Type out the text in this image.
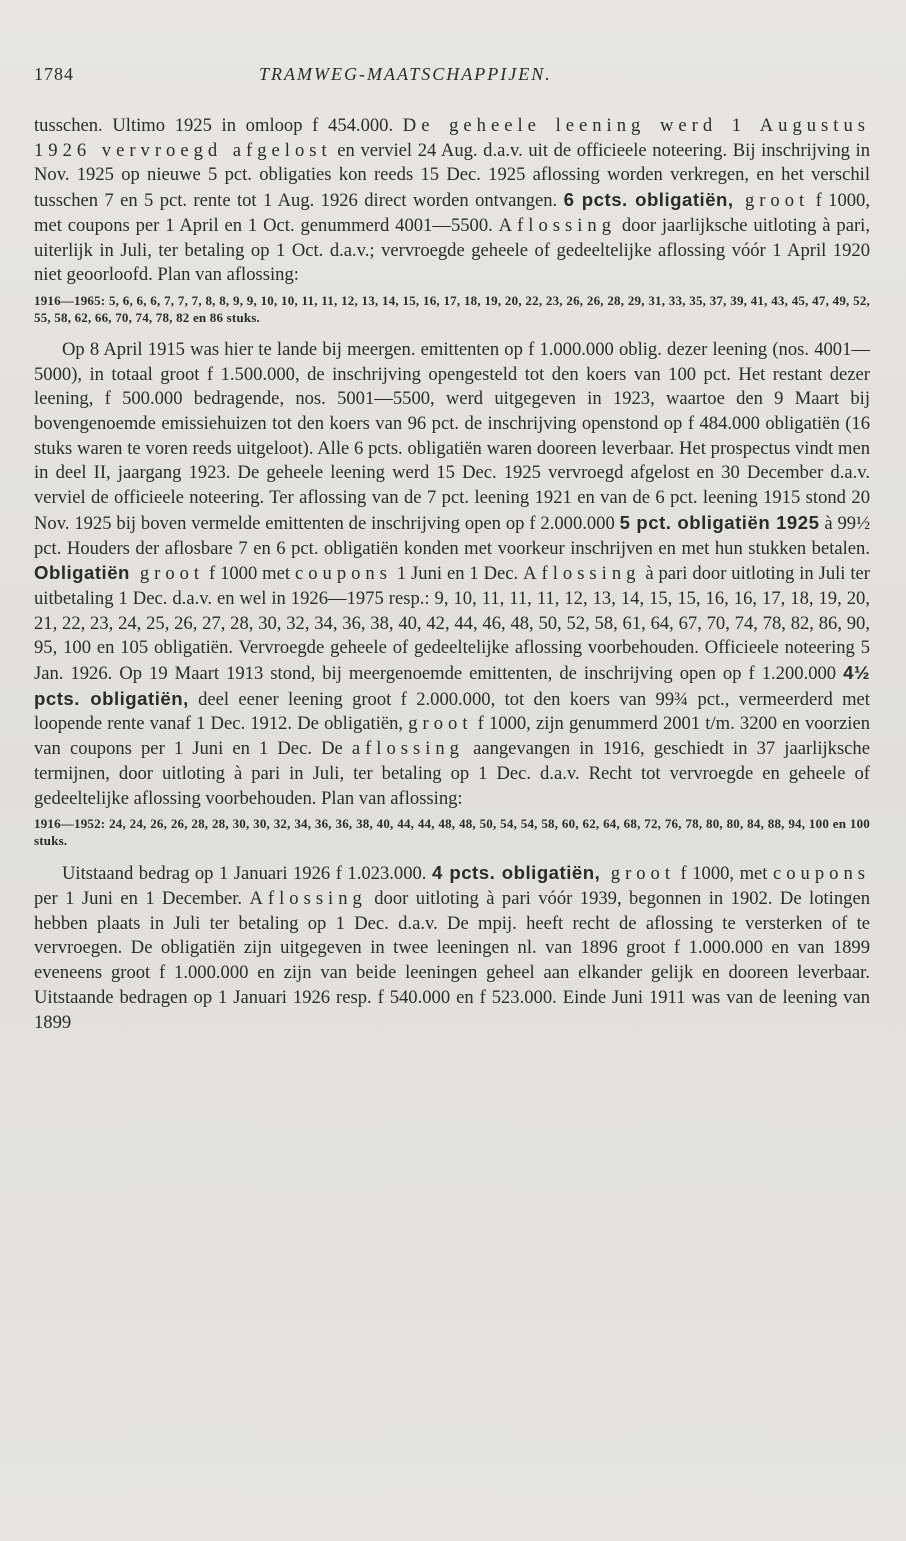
1784	TRAMWEG-MAATSCHAPPIJEN.

tusschen. Ultimo 1925 in omloop f 454.000. De geheele leening werd 1 Augustus 1926 vervroegd afgelost en verviel 24 Aug. d.a.v. uit de officieele noteering. Bij inschrijving in Nov. 1925 op nieuwe 5 pct. obligaties kon reeds 15 Dec. 1925 aflossing worden verkregen, en het verschil tusschen 7 en 5 pct. rente tot 1 Aug. 1926 direct worden ontvangen. 6 pcts. obligatiën, groot f 1000, met coupons per 1 April en 1 Oct. genummerd 4001—5500. Aflossing door jaarlijksche uitloting à pari, uiterlijk in Juli, ter betaling op 1 Oct. d.a.v.; vervroegde geheele of gedeeltelijke aflossing vóór 1 April 1920 niet geoorloofd. Plan van aflossing:

1916—1965: 5, 6, 6, 6, 7, 7, 7, 8, 8, 9, 9, 10, 10, 11, 11, 12, 13, 14, 15, 16, 17, 18, 19, 20, 22, 23, 26, 26, 28, 29, 31, 33, 35, 37, 39, 41, 43, 45, 47, 49, 52, 55, 58, 62, 66, 70, 74, 78, 82 en 86 stuks.

Op 8 April 1915 was hier te lande bij meergen. emittenten op f 1.000.000 oblig. dezer leening (nos. 4001—5000), in totaal groot f 1.500.000, de inschrijving opengesteld tot den koers van 100 pct. Het restant dezer leening, f 500.000 bedragende, nos. 5001—5500, werd uitgegeven in 1923, waartoe den 9 Maart bij bovengenoemde emissiehuizen tot den koers van 96 pct. de inschrijving openstond op f 484.000 obligatiën (16 stuks waren te voren reeds uitgeloot). Alle 6 pcts. obligatiën waren dooreen leverbaar. Het prospectus vindt men in deel II, jaargang 1923. De geheele leening werd 15 Dec. 1925 vervroegd afgelost en 30 December d.a.v. verviel de officieele noteering. Ter aflossing van de 7 pct. leening 1921 en van de 6 pct. leening 1915 stond 20 Nov. 1925 bij boven vermelde emittenten de inschrijving open op f 2.000.000 5 pct. obligatiën 1925 à 99½ pct. Houders der aflosbare 7 en 6 pct. obligatiën konden met voorkeur inschrijven en met hun stukken betalen. Obligatiën groot f 1000 met coupons 1 Juni en 1 Dec. Aflossing à pari door uitloting in Juli ter uitbetaling 1 Dec. d.a.v. en wel in 1926—1975 resp.: 9, 10, 11, 11, 11, 12, 13, 14, 15, 15, 16, 16, 17, 18, 19, 20, 21, 22, 23, 24, 25, 26, 27, 28, 30, 32, 34, 36, 38, 40, 42, 44, 46, 48, 50, 52, 58, 61, 64, 67, 70, 74, 78, 82, 86, 90, 95, 100 en 105 obligatiën. Vervroegde geheele of gedeeltelijke aflossing voorbehouden. Officieele noteering 5 Jan. 1926. Op 19 Maart 1913 stond, bij meergenoemde emittenten, de inschrijving open op f 1.200.000 4½ pcts. obligatiën, deel eener leening groot f 2.000.000, tot den koers van 99¾ pct., vermeerderd met loopende rente vanaf 1 Dec. 1912. De obligatiën, groot f 1000, zijn genummerd 2001 t/m. 3200 en voorzien van coupons per 1 Juni en 1 Dec. De aflossing aangevangen in 1916, geschiedt in 37 jaarlijksche termijnen, door uitloting à pari in Juli, ter betaling op 1 Dec. d.a.v. Recht tot vervroegde en geheele of gedeeltelijke aflossing voorbehouden. Plan van aflossing:

1916—1952: 24, 24, 26, 26, 28, 28, 30, 30, 32, 34, 36, 36, 38, 40, 44, 44, 48, 48, 50, 54, 54, 58, 60, 62, 64, 68, 72, 76, 78, 80, 80, 84, 88, 94, 100 en 100 stuks.

Uitstaand bedrag op 1 Januari 1926 f 1.023.000. 4 pcts. obligatiën, groot f 1000, met coupons per 1 Juni en 1 December. Aflossing door uitloting à pari vóór 1939, begonnen in 1902. De lotingen hebben plaats in Juli ter betaling op 1 Dec. d.a.v. De mpij. heeft recht de aflossing te versterken of te vervroegen. De obligatiën zijn uitgegeven in twee leeningen nl. van 1896 groot f 1.000.000 en van 1899 eveneens groot f 1.000.000 en zijn van beide leeningen geheel aan elkander gelijk en dooreen leverbaar. Uitstaande bedragen op 1 Januari 1926 resp. f 540.000 en f 523.000. Einde Juni 1911 was van de leening van 1899
